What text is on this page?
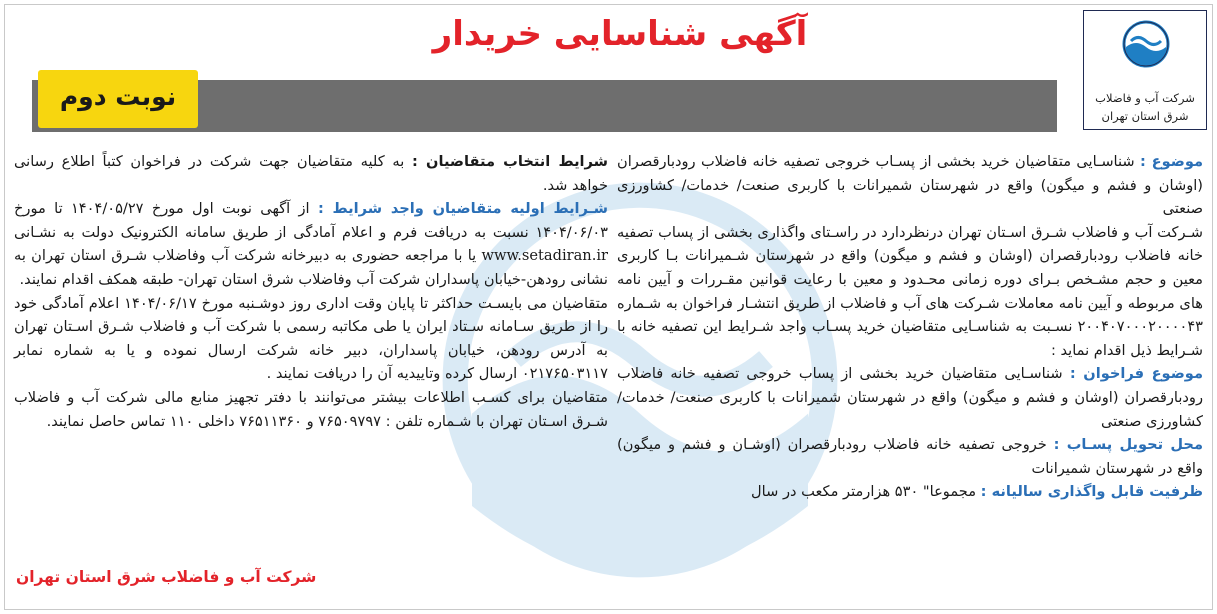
شرکت آب و فاضلاب
شرق استان تهران
آگهی شناسایی خریدار
نوبت دوم

موضوع : شناسـایی متقاضیان خرید بخشی از پسـاب خروجی تصفیه خانه فاضلاب رودبارقصران (اوشان و فشم و میگون) واقع در شهرستان شمیرانات با کاربری صنعت/ خدمات/ کشاورزی صنعتی

شـرکت آب و فاضلاب شـرق اسـتان تهران درنظردارد در راسـتای واگذاری بخشی از پساب تصفیه خانه فاضلاب رودبارقصران (اوشان و فشم و میگون) واقع در شهرستان شـمیرانات بـا کاربری معین و حجم مشـخص بـرای دوره زمانی محـدود و معین با رعایت قوانین مقـررات و آیین نامه های مربوطه و آیین نامه معاملات شـرکت های آب و فاضلاب از طریق انتشـار فراخوان به شـماره ۲۰۰۴۰۷۰۰۰۲۰۰۰۰۴۳ نسـبت به شناسـایی متقاضیان خرید پسـاب واجد شـرایط این تصفیه خانه با شـرایط ذیل اقدام نماید :

موضوع فراخوان : شناسـایی متقاضیان خرید بخشی از پساب خروجی تصفیه خانه فاضلاب رودبارقصران (اوشان و فشم و میگون) واقع در شهرستان شمیرانات با کاربری صنعت/ خدمات/ کشاورزی صنعتی

محل تحویل پسـاب : خروجی تصفیه خانه فاضلاب رودبارقصران (اوشـان و فشم و میگون) واقع در شهرستان شمیرانات

ظرفیت قابل واگذاری سالیانه : مجموعا" ۵۳۰ هزارمتر مکعب در سال

شرایط انتخاب متقاضیان : به کلیه متقاضیان جهت شرکت در فراخوان کتباً اطلاع رسانی خواهد شد.

شـرایط اولیه متقاضیان واجد شرایط : از آگهی نوبت اول مورخ ۱۴۰۴/۰۵/۲۷ تا مورخ ۱۴۰۴/۰۶/۰۳ نسبت به دریافت فرم و اعلام آمادگی از طریق سامانه الکترونیک دولت به نشـانی www.setadiran.ir یا با مراجعه حضوری به دبیرخانه شرکت آب وفاضلاب شـرق استان تهران به نشانی رودهن-خیابان پاسداران شرکت آب وفاضلاب شرق استان تهران- طبقه همکف اقدام نمایند.

متقاضیان می بایسـت حداکثر تا پایان وقت اداری روز دوشـنبه مورخ ۱۴۰۴/۰۶/۱۷ اعلام آمادگی خود را از طریق سـامانه سـتاد ایران یا طی مکاتبه رسمی با شرکت آب و فاضلاب شـرق اسـتان تهران به آدرس رودهن، خیابان پاسداران، دبیر خانه شرکت ارسال نموده و یا به شماره نمابر ۰۲۱۷۶۵۰۳۱۱۷ ارسال کرده وتاییدیه آن را دریافت نمایند .

متقاضیان برای کسـب اطلاعات بیشتر می‌توانند با دفتر تجهیز منابع مالی شرکت آب و فاضلاب شـرق اسـتان تهران با شـماره تلفن : ۷۶۵۰۹۷۹۷ و ۷۶۵۱۱۳۶۰ داخلی ۱۱۰ تماس حاصل نمایند.

شرکت آب و فاضلاب شرق استان تهران
